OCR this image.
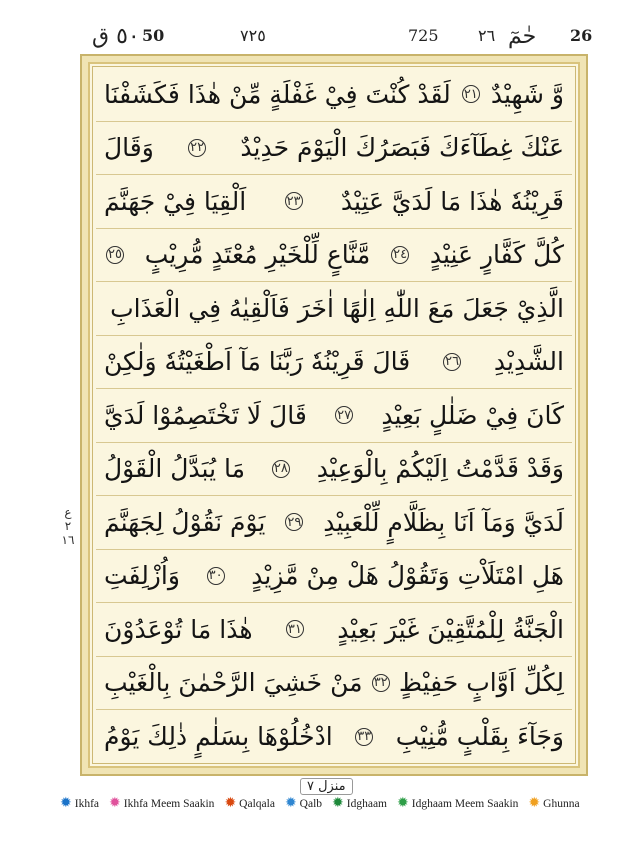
٥٠ ق	50	٧٢٥	725 ٢٦ حٰمٓ 26
ع ٢ ١٦
وَّ شَهِيْدٌ
٢١
لَقَدْ كُنْتَ فِيْ غَفْلَةٍ مِّنْ هٰذَا فَكَشَفْنَا
عَنْكَ غِطَآءَكَ فَبَصَرُكَ الْيَوْمَ حَدِيْدٌ
٢٢
وَقَالَ
قَرِيْنُهٗ هٰذَا مَا لَدَيَّ عَتِيْدٌ
٢٣
اَلْقِيَا فِيْ جَهَنَّمَ
كُلَّ كَفَّارٍ عَنِيْدٍ
٢٤
مَّنَّاعٍ لِّلْخَيْرِ مُعْتَدٍ مُّرِيْبٍ
٢٥
الَّذِيْ جَعَلَ مَعَ اللّٰهِ اِلٰهًا اٰخَرَ فَاَلْقِيٰهُ فِي الْعَذَابِ
الشَّدِيْدِ
٢٦
قَالَ قَرِيْنُهٗ رَبَّنَا مَآ اَطْغَيْتُهٗ وَلٰكِنْ
كَانَ فِيْ ضَلٰلٍ بَعِيْدٍ
٢٧
قَالَ لَا تَخْتَصِمُوْا لَدَيَّ
وَقَدْ قَدَّمْتُ اِلَيْكُمْ بِالْوَعِيْدِ
٢٨
مَا يُبَدَّلُ الْقَوْلُ
لَدَيَّ وَمَآ اَنَا بِظَلَّامٍ لِّلْعَبِيْدِ
٢٩
يَوْمَ نَقُوْلُ لِجَهَنَّمَ
هَلِ امْتَلَاْتِ وَتَقُوْلُ هَلْ مِنْ مَّزِيْدٍ
٣٠
وَاُزْلِفَتِ
الْجَنَّةُ لِلْمُتَّقِيْنَ غَيْرَ بَعِيْدٍ
٣١
هٰذَا مَا تُوْعَدُوْنَ
لِكُلِّ اَوَّابٍ حَفِيْظٍ
٣٢
مَنْ خَشِيَ الرَّحْمٰنَ بِالْغَيْبِ
وَجَآءَ بِقَلْبٍ مُّنِيْبِ
٣٣
ادْخُلُوْهَا بِسَلٰمٍ ذٰلِكَ يَوْمُ
منزل ٧
✹ Ikhfa ✹ Ikhfa Meem Saakin ✹ Qalqala ✹ Qalb ✹ Idghaam ✹ Idghaam Meem Saakin ✹ Ghunna
